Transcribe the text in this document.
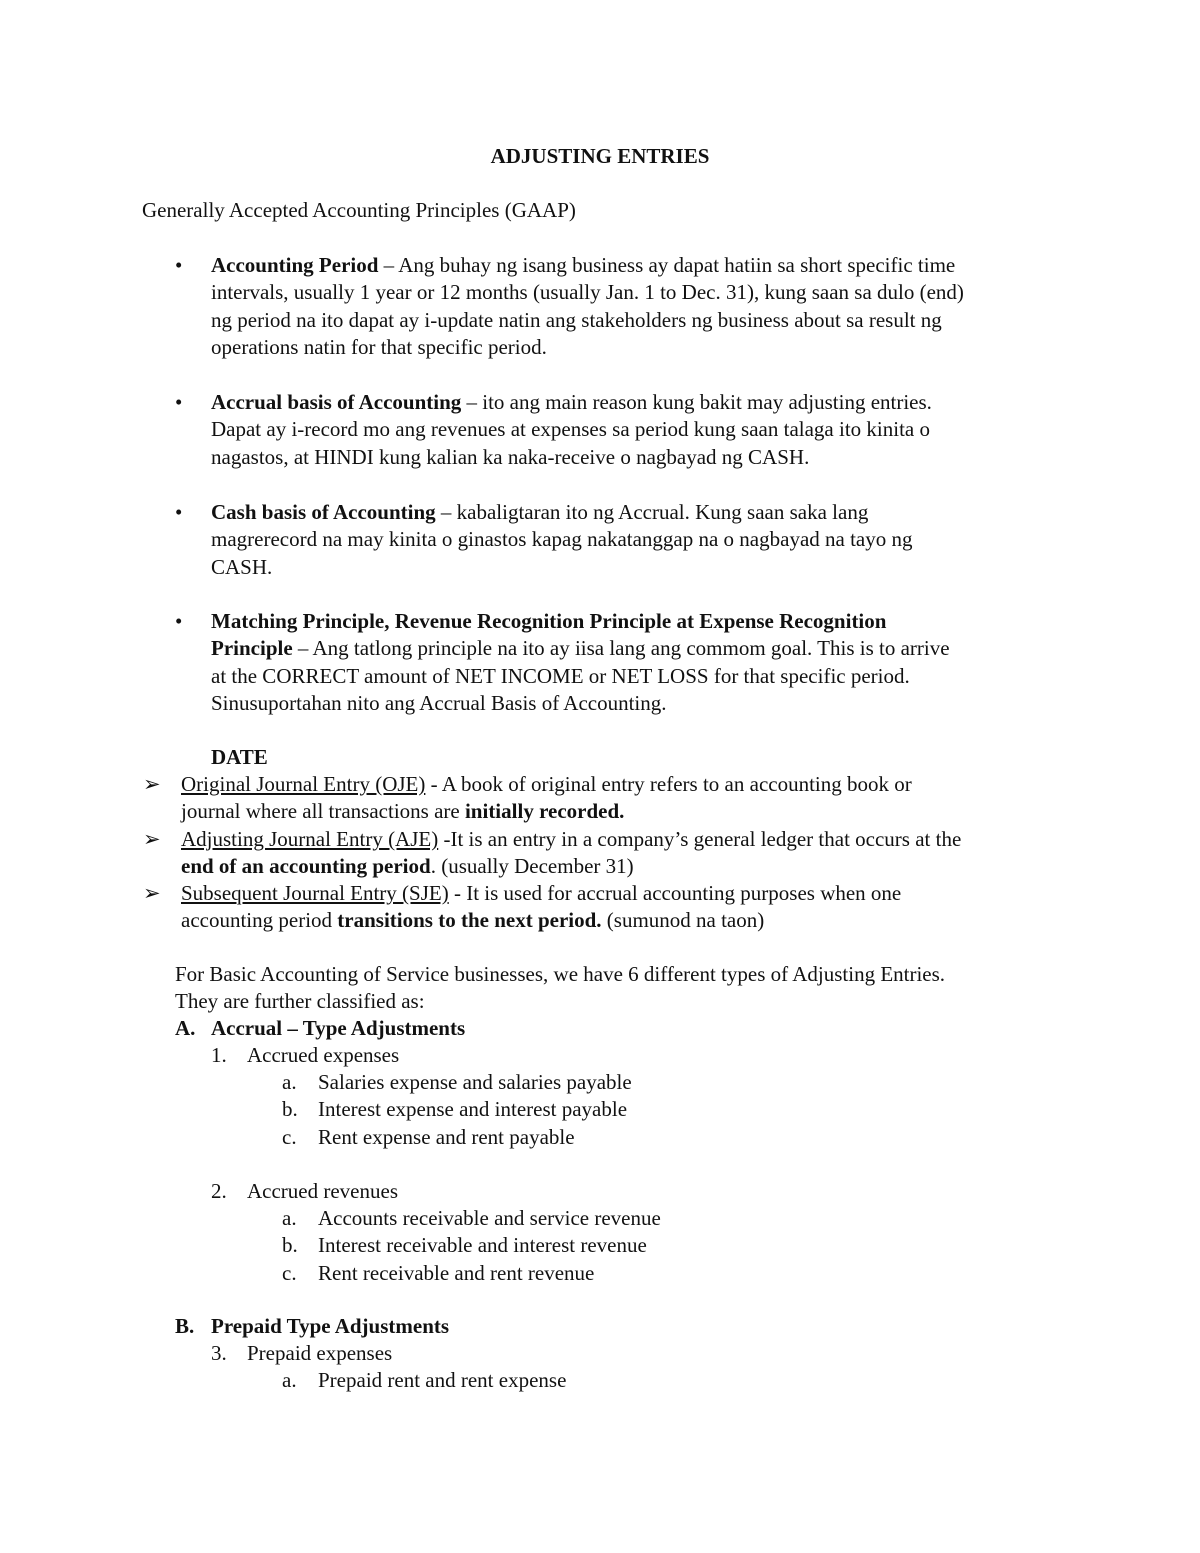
ADJUSTING ENTRIES
Generally Accepted Accounting Principles (GAAP)
• Accounting Period – Ang buhay ng isang business ay dapat hatiin sa short specific time
intervals, usually 1 year or 12 months (usually Jan. 1 to Dec. 31), kung saan sa dulo (end)
ng period na ito dapat ay i-update natin ang stakeholders ng business about sa result ng
operations natin for that specific period.
• Accrual basis of Accounting – ito ang main reason kung bakit may adjusting entries.
Dapat ay i-record mo ang revenues at expenses sa period kung saan talaga ito kinita o
nagastos, at HINDI kung kalian ka naka-receive o nagbayad ng CASH.
• Cash basis of Accounting – kabaligtaran ito ng Accrual. Kung saan saka lang
magrerecord na may kinita o ginastos kapag nakatanggap na o nagbayad na tayo ng
CASH.
• Matching Principle, Revenue Recognition Principle at Expense Recognition
Principle – Ang tatlong principle na ito ay iisa lang ang commom goal. This is to arrive
at the CORRECT amount of NET INCOME or NET LOSS for that specific period.
Sinusuportahan nito ang Accrual Basis of Accounting.
DATE
➢ Original Journal Entry (OJE) - A book of original entry refers to an accounting book or
journal where all transactions are initially recorded.
➢ Adjusting Journal Entry (AJE) -It is an entry in a company’s general ledger that occurs at the
end of an accounting period. (usually December 31)
➢ Subsequent Journal Entry (SJE) - It is used for accrual accounting purposes when one
accounting period transitions to the next period. (sumunod na taon)
For Basic Accounting of Service businesses, we have 6 different types of Adjusting Entries.
They are further classified as:
A. Accrual – Type Adjustments
1. Accrued expenses
a. Salaries expense and salaries payable
b. Interest expense and interest payable
c. Rent expense and rent payable
2. Accrued revenues
a. Accounts receivable and service revenue
b. Interest receivable and interest revenue
c. Rent receivable and rent revenue
B. Prepaid Type Adjustments
3. Prepaid expenses
a. Prepaid rent and rent expense
